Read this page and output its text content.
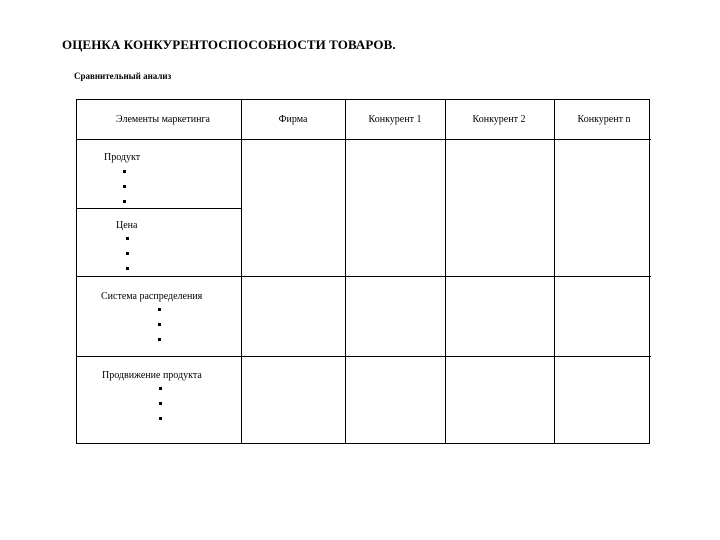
ОЦЕНКА КОНКУРЕНТОСПОСОБНОСТИ ТОВАРОВ.
Сравнительный анализ
Элементы маркетинга	Фирма	Конкурент 1	Конкурент 2	Конкурент n
Продукт
Цена
Система распределения
Продвижение продукта
